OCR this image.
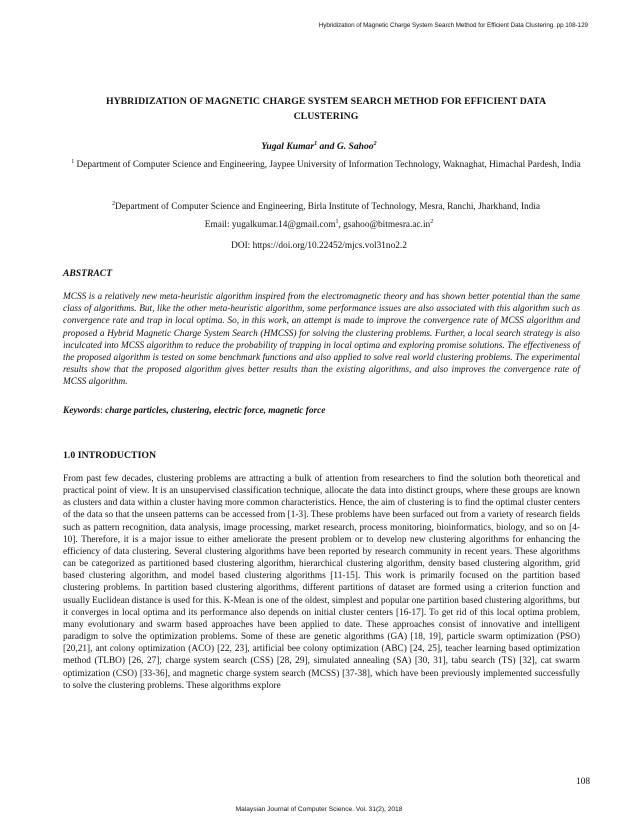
Hybridization of Magnetic Charge System Search Method for Efficient Data Clustering. pp 108-129
HYBRIDIZATION OF MAGNETIC CHARGE SYSTEM SEARCH METHOD FOR EFFICIENT DATA CLUSTERING
Yugal Kumar$^1$ and G. Sahoo$^2$
$^1$ Department of Computer Science and Engineering, Jaypee University of Information Technology, Waknaghat, Himachal Pardesh, India
$^2$Department of Computer Science and Engineering, Birla Institute of Technology, Mesra, Ranchi, Jharkhand, India
Email: yugalkumar.14@gmail.com$^1$, $gsahoo@bitmesra.ac.in^2$
DOI: https://doi.org/10.22452/mjcs.vol31no2.2
ABSTRACT

MCSS is a relatively new meta-heuristic algorithm inspired from the electromagnetic theory and has shown better potential than the same class of algorithms. But, like the other meta-heuristic algorithm, some performance issues are also associated with this algorithm such as convergence rate and trap in local optima. So, in this work, an attempt is made to improve the convergence rate of MCSS algorithm and proposed a Hybrid Magnetic Charge System Search (HMCSS) for solving the clustering problems. Further, a local search strategy is also inculcated into MCSS algorithm to reduce the probability of trapping in local optima and exploring promise solutions. The effectiveness of the proposed algorithm is tested on some benchmark functions and also applied to solve real world clustering problems. The experimental results show that the proposed algorithm gives better results than the existing algorithms, and also improves the convergence rate of MCSS algorithm.

Keywords: charge particles, clustering, electric force, magnetic force
1.0 INTRODUCTION

From past few decades, clustering problems are attracting a bulk of attention from researchers to find the solution both theoretical and practical point of view. It is an unsupervised classification technique, allocate the data into distinct groups, where these groups are known as clusters and data within a cluster having more common characteristics. Hence, the aim of clustering is to find the optimal cluster centers of the data so that the unseen patterns can be accessed from [1-3]. These problems have been surfaced out from a variety of research fields such as pattern recognition, data analysis, image processing, market research, process monitoring, bioinformatics, biology, and so on [4-10]. Therefore, it is a major issue to either ameliorate the present problem or to develop new clustering algorithms for enhancing the efficiency of data clustering. Several clustering algorithms have been reported by research community in recent years. These algorithms can be categorized as partitioned based clustering algorithm, hierarchical clustering algorithm, density based clustering algorithm, grid based clustering algorithm, and model based clustering algorithms [11-15]. This work is primarily focused on the partition based clustering problems. In partition based clustering algorithms, different partitions of dataset are formed using a criterion function and usually Euclidean distance is used for this. K-Mean is one of the oldest, simplest and popular one partition based clustering algorithms, but it converges in local optima and its performance also depends on initial cluster centers [16-17]. To get rid of this local optima problem, many evolutionary and swarm based approaches have been applied to date. These approaches consist of innovative and intelligent paradigm to solve the optimization problems. Some of these are genetic algorithms (GA) [18, 19], particle swarm optimization (PSO) [20,21], ant colony optimization (ACO) [22, 23], artificial bee colony optimization (ABC) [24, 25], teacher learning based optimization method (TLBO) [26, 27], charge system search (CSS) [28, 29], simulated annealing (SA) [30, 31], tabu search (TS) [32], cat swarm optimization (CSO) [33-36], and magnetic charge system search (MCSS) [37-38], which have been previously implemented successfully to solve the clustering problems. These algorithms explore

108
Malaysian Journal of Computer Science. Vol. 31(2), 2018
